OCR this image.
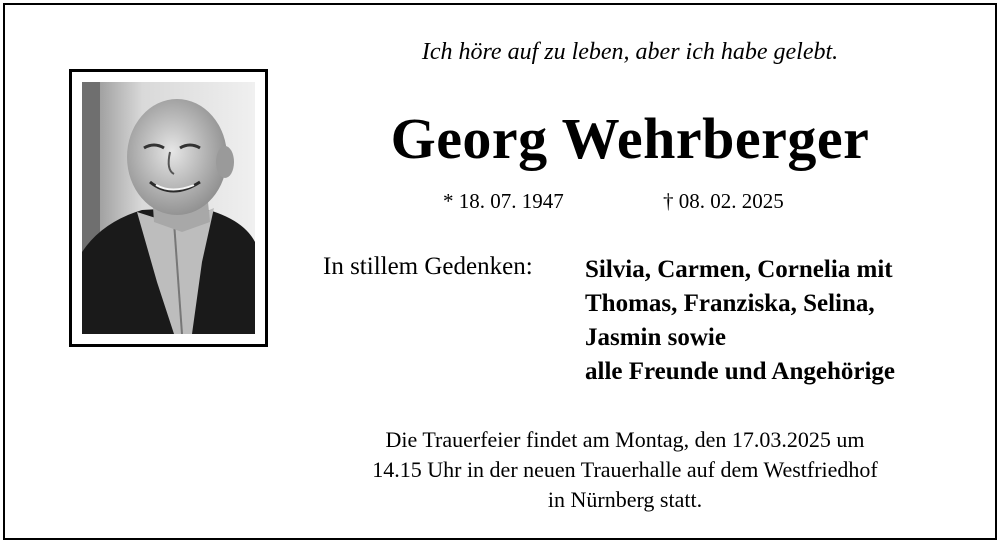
Ich höre auf zu leben, aber ich habe gelebt.
Georg Wehrberger
* 18. 07. 1947	† 08. 02. 2025
In stillem Gedenken: Silvia, Carmen, Cornelia mit
Thomas, Franziska, Selina,
Jasmin sowie
alle Freunde und Angehörige
Die Trauerfeier findet am Montag, den 17.03.2025 um
14.15 Uhr in der neuen Trauerhalle auf dem Westfriedhof
in Nürnberg statt.
